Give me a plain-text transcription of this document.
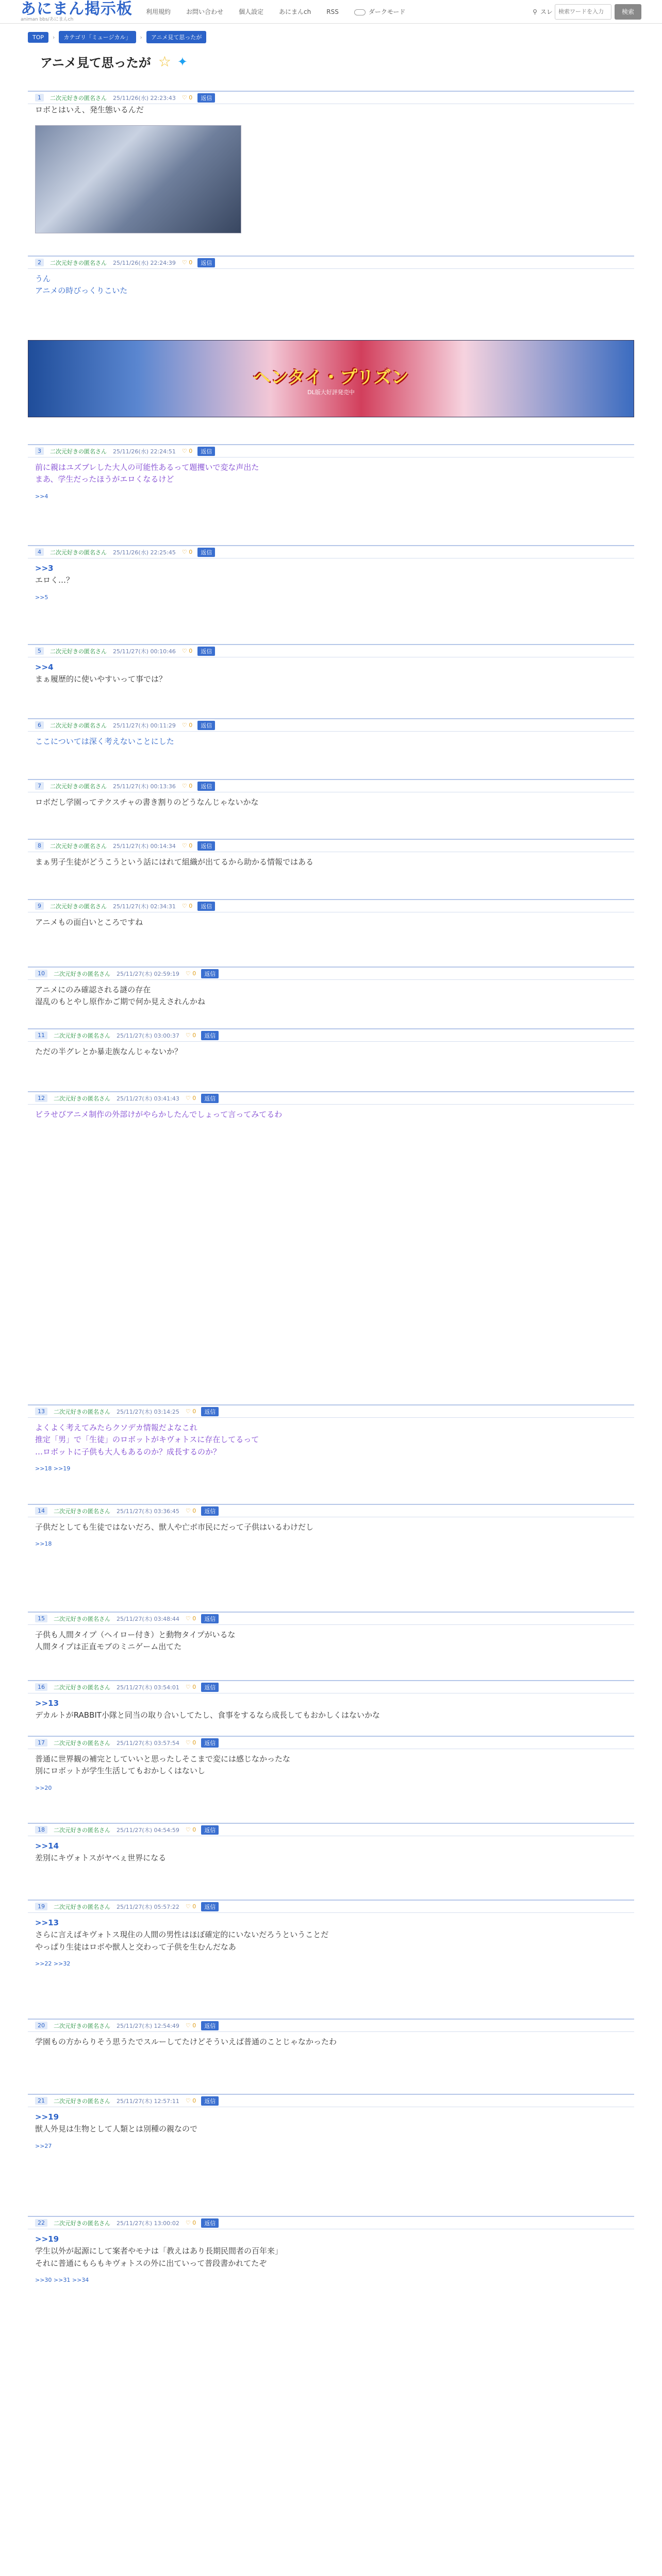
あにまん掲示板
animan bbs/あにまんch
利用規約	お問い合わせ	個人設定	あにまんch	RSS	ダークモード	⚲ スレ
検索ワードを入力	検索
TOP	›	カテゴリ「ミュージカル」	›	アニメ見て思ったが
アニメ見て思ったが ☆ ✦
ヘンタイ・プリズン
DL版大好評発売中
1	二次元好きの匿名さん 25/11/26(水) 22:23:43 ♡ 0	返信
ロボとはいえ、発生態いるんだ
2	二次元好きの匿名さん 25/11/26(水) 22:24:39 ♡ 0	返信
うん
アニメの時びっくりこいた
3	二次元好きの匿名さん 25/11/26(水) 22:24:51 ♡ 0	返信
前に親はユズブレした大人の可能性あるって題攫いで変な声出た
まあ、学生だったほうがエロくなるけど
>>4
4	二次元好きの匿名さん 25/11/26(水) 22:25:45 ♡ 0	返信
>>3
エロく…？
>>5
5	二次元好きの匿名さん 25/11/27(木) 00:10:46 ♡ 0	返信
>>4
まぁ履歴的に使いやすいって事では？
6	二次元好きの匿名さん 25/11/27(木) 00:11:29 ♡ 0	返信
ここについては深く考えないことにした
7	二次元好きの匿名さん 25/11/27(木) 00:13:36 ♡ 0	返信
ロボだし学園ってテクスチャの書き割りのどうなんじゃないかな
8	二次元好きの匿名さん 25/11/27(木) 00:14:34 ♡ 0	返信
まぁ男子生徒がどうこうという話にはれて組織が出てるから助かる情報ではある
9	二次元好きの匿名さん 25/11/27(木) 02:34:31 ♡ 0	返信
アニメもの面白いところですね
10	二次元好きの匿名さん 25/11/27(木) 02:59:19 ♡ 0	返信
アニメにのみ確認される謎の存在
湿乱のもとやし原作かご期で何か見えされんかね
11	二次元好きの匿名さん 25/11/27(木) 03:00:37 ♡ 0	返信
ただの半グレとか暴走族なんじゃないか？
12	二次元好きの匿名さん 25/11/27(木) 03:41:43 ♡ 0	返信
ビラせびアニメ制作の外部けがやらかしたんでしょって言ってみてるわ
13	二次元好きの匿名さん 25/11/27(木) 03:14:25 ♡ 0	返信
よくよく考えてみたらクソデカ情報だよなこれ
推定「男」で「生徒」のロボットがキヴォトスに存在してるって
…ロボットに子供も大人もあるのか？成長するのか？
>>18 >>19
14	二次元好きの匿名さん 25/11/27(木) 03:36:45 ♡ 0	返信
子供だとしても生徒ではないだろ、獣人や亡ボ市民にだって子供はいるわけだし
>>18
15	二次元好きの匿名さん 25/11/27(木) 03:48:44 ♡ 0	返信
子供も人間タイプ（ヘイロー付き）と動物タイプがいるな
人間タイプは正直モブのミニゲーム出てた
16	二次元好きの匿名さん 25/11/27(木) 03:54:01 ♡ 0	返信
>>13
デカルトがRABBIT小隊と同当の取り合いしてたし、食事をするなら成長してもおかしくはないかな
17	二次元好きの匿名さん 25/11/27(木) 03:57:54 ♡ 0	返信
普通に世界観の補完としていいと思ったしそこまで変には感じなかったな
別にロボットが学生生活してもおかしくはないし
>>20
18	二次元好きの匿名さん 25/11/27(木) 04:54:59 ♡ 0	返信
>>14
差別にキヴォトスがヤベぇ世界になる
19	二次元好きの匿名さん 25/11/27(木) 05:57:22 ♡ 0	返信
>>13
さらに言えばキヴォトス現住の人間の男性はほぼ確定的にいないだろうということだ
やっぱり生徒はロボや獣人と交わって子供を生むんだなあ
>>22 >>32
20	二次元好きの匿名さん 25/11/27(木) 12:54:49 ♡ 0	返信
学園もの方からりそう思うたでスルーしてたけどそういえば普通のことじゃなかったわ
21	二次元好きの匿名さん 25/11/27(木) 12:57:11 ♡ 0	返信
>>19
獣人外見は生物として人類とは別種の親なので
>>27
22	二次元好きの匿名さん 25/11/27(木) 13:00:02 ♡ 0	返信
>>19
学生以外が起源にして案者やモナは「教えはあり長期民間者の百年来」
それに普通にもらもキヴォトスの外に出ていって普段書かれてたぞ
>>30 >>31 >>34
